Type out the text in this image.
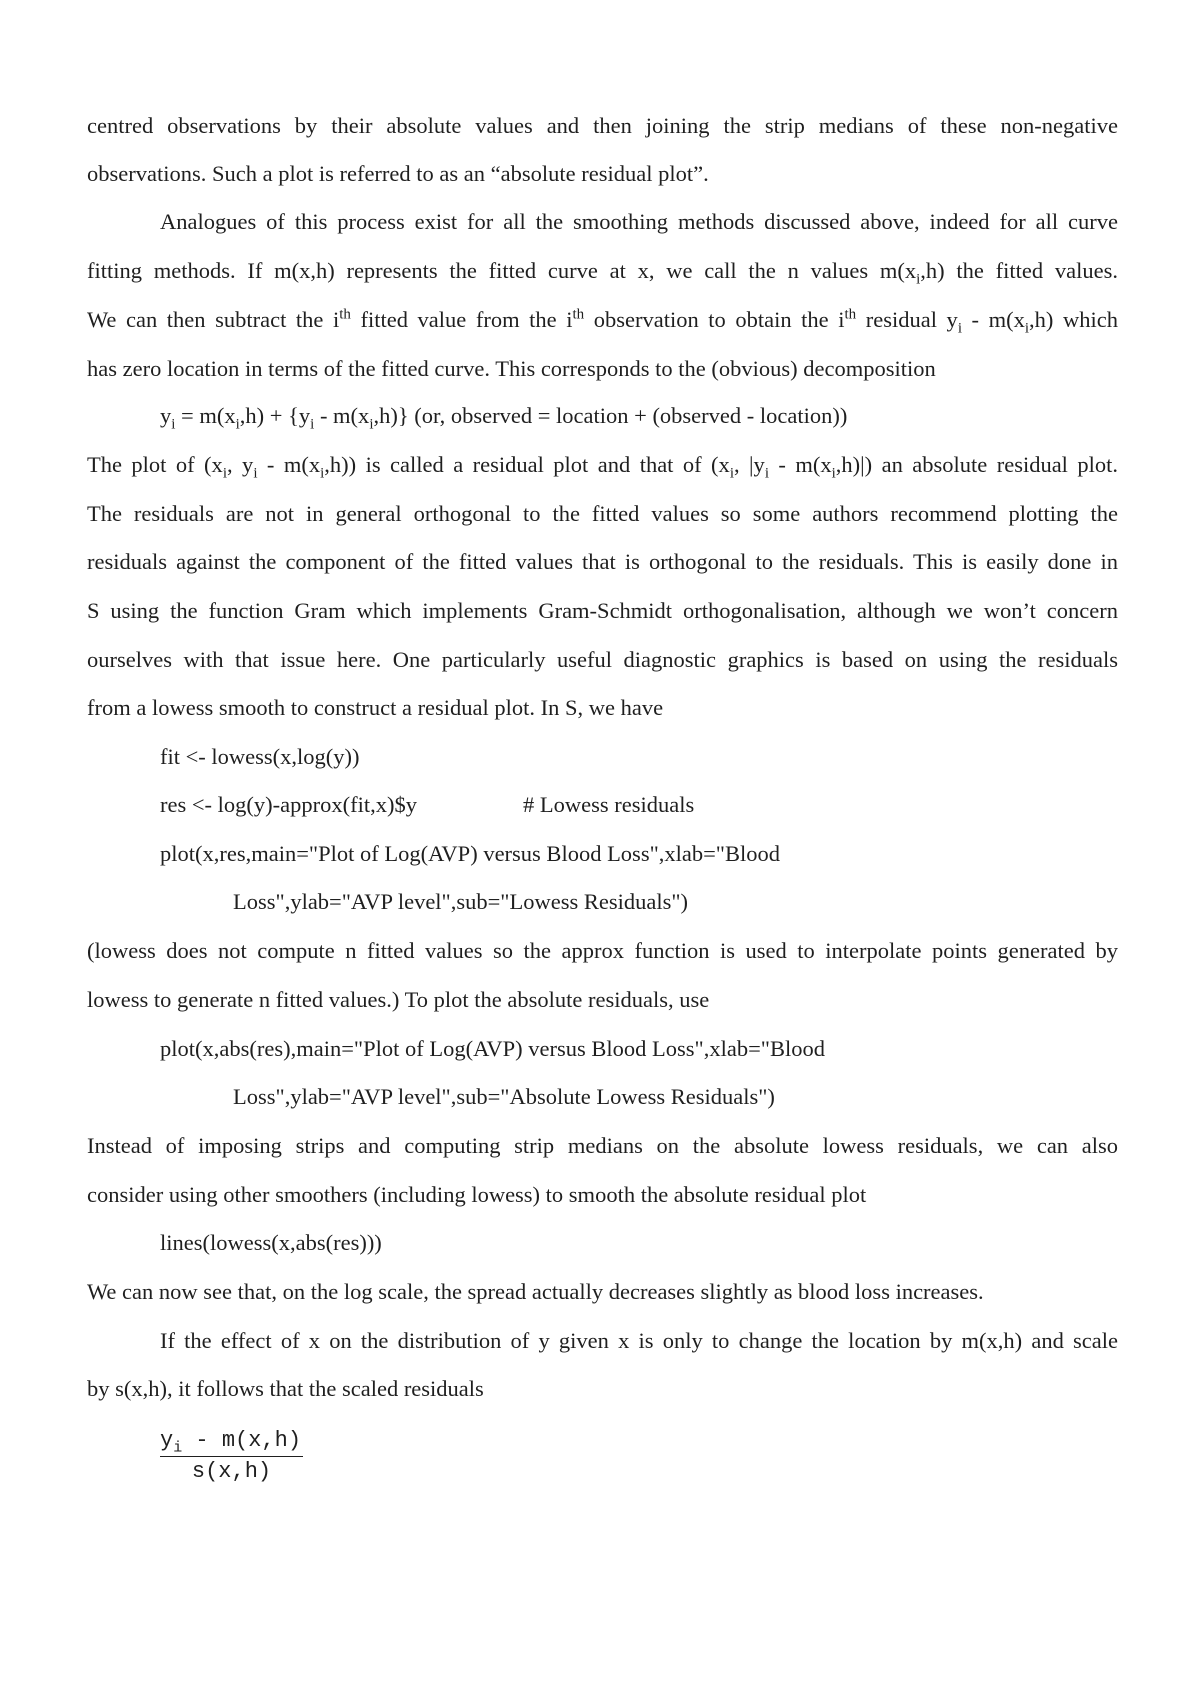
centred observations by their absolute values and then joining the strip medians of these non-negative
observations. Such a plot is referred to as an “absolute residual plot”.
Analogues of this process exist for all the smoothing methods discussed above, indeed for all curve
fitting methods. If m(x,h) represents the fitted curve at x, we call the n values $m(x_i,h)$ the fitted values.
We can then subtract the $i^{th}$ fitted value from the $i^{th}$ observation to obtain the $i^{th}$ residual $y_i - m(x_i,h)$ which
has zero location in terms of the fitted curve. This corresponds to the (obvious) decomposition
$y_i = m(x_i,h) + \{y_i - m(x_i,h)\}$ (or, observed = location + (observed - location))
The plot of ($x_i$, $y_i - m(x_i,h)$) is called a residual plot and that of ($x_i$, $|y_i - m(x_i,h)|$) an absolute residual plot.
The residuals are not in general orthogonal to the fitted values so some authors recommend plotting the
residuals against the component of the fitted values that is orthogonal to the residuals. This is easily done in
S using the function Gram which implements Gram-Schmidt orthogonalisation, although we won’t concern
ourselves with that issue here. One particularly useful diagnostic graphics is based on using the residuals
from a lowess smooth to construct a residual plot. In S, we have
fit <- lowess(x,log(y))
res <- log(y)-approx(fit,x)$y	# Lowess residuals
plot(x,res,main="Plot of Log(AVP) versus Blood Loss",xlab="Blood
Loss",ylab="AVP level",sub="Lowess Residuals")
(lowess does not compute n fitted values so the approx function is used to interpolate points generated by
lowess to generate n fitted values.) To plot the absolute residuals, use
plot(x,abs(res),main="Plot of Log(AVP) versus Blood Loss",xlab="Blood
Loss",ylab="AVP level",sub="Absolute Lowess Residuals")
Instead of imposing strips and computing strip medians on the absolute lowess residuals, we can also
consider using other smoothers (including lowess) to smooth the absolute residual plot
lines(lowess(x,abs(res)))
We can now see that, on the log scale, the spread actually decreases slightly as blood loss increases.
If the effect of x on the distribution of y given x is only to change the location by m(x,h) and scale
by s(x,h), it follows that the scaled residuals
$\frac{y_i - m(x,h)}{s(x,h)}$
